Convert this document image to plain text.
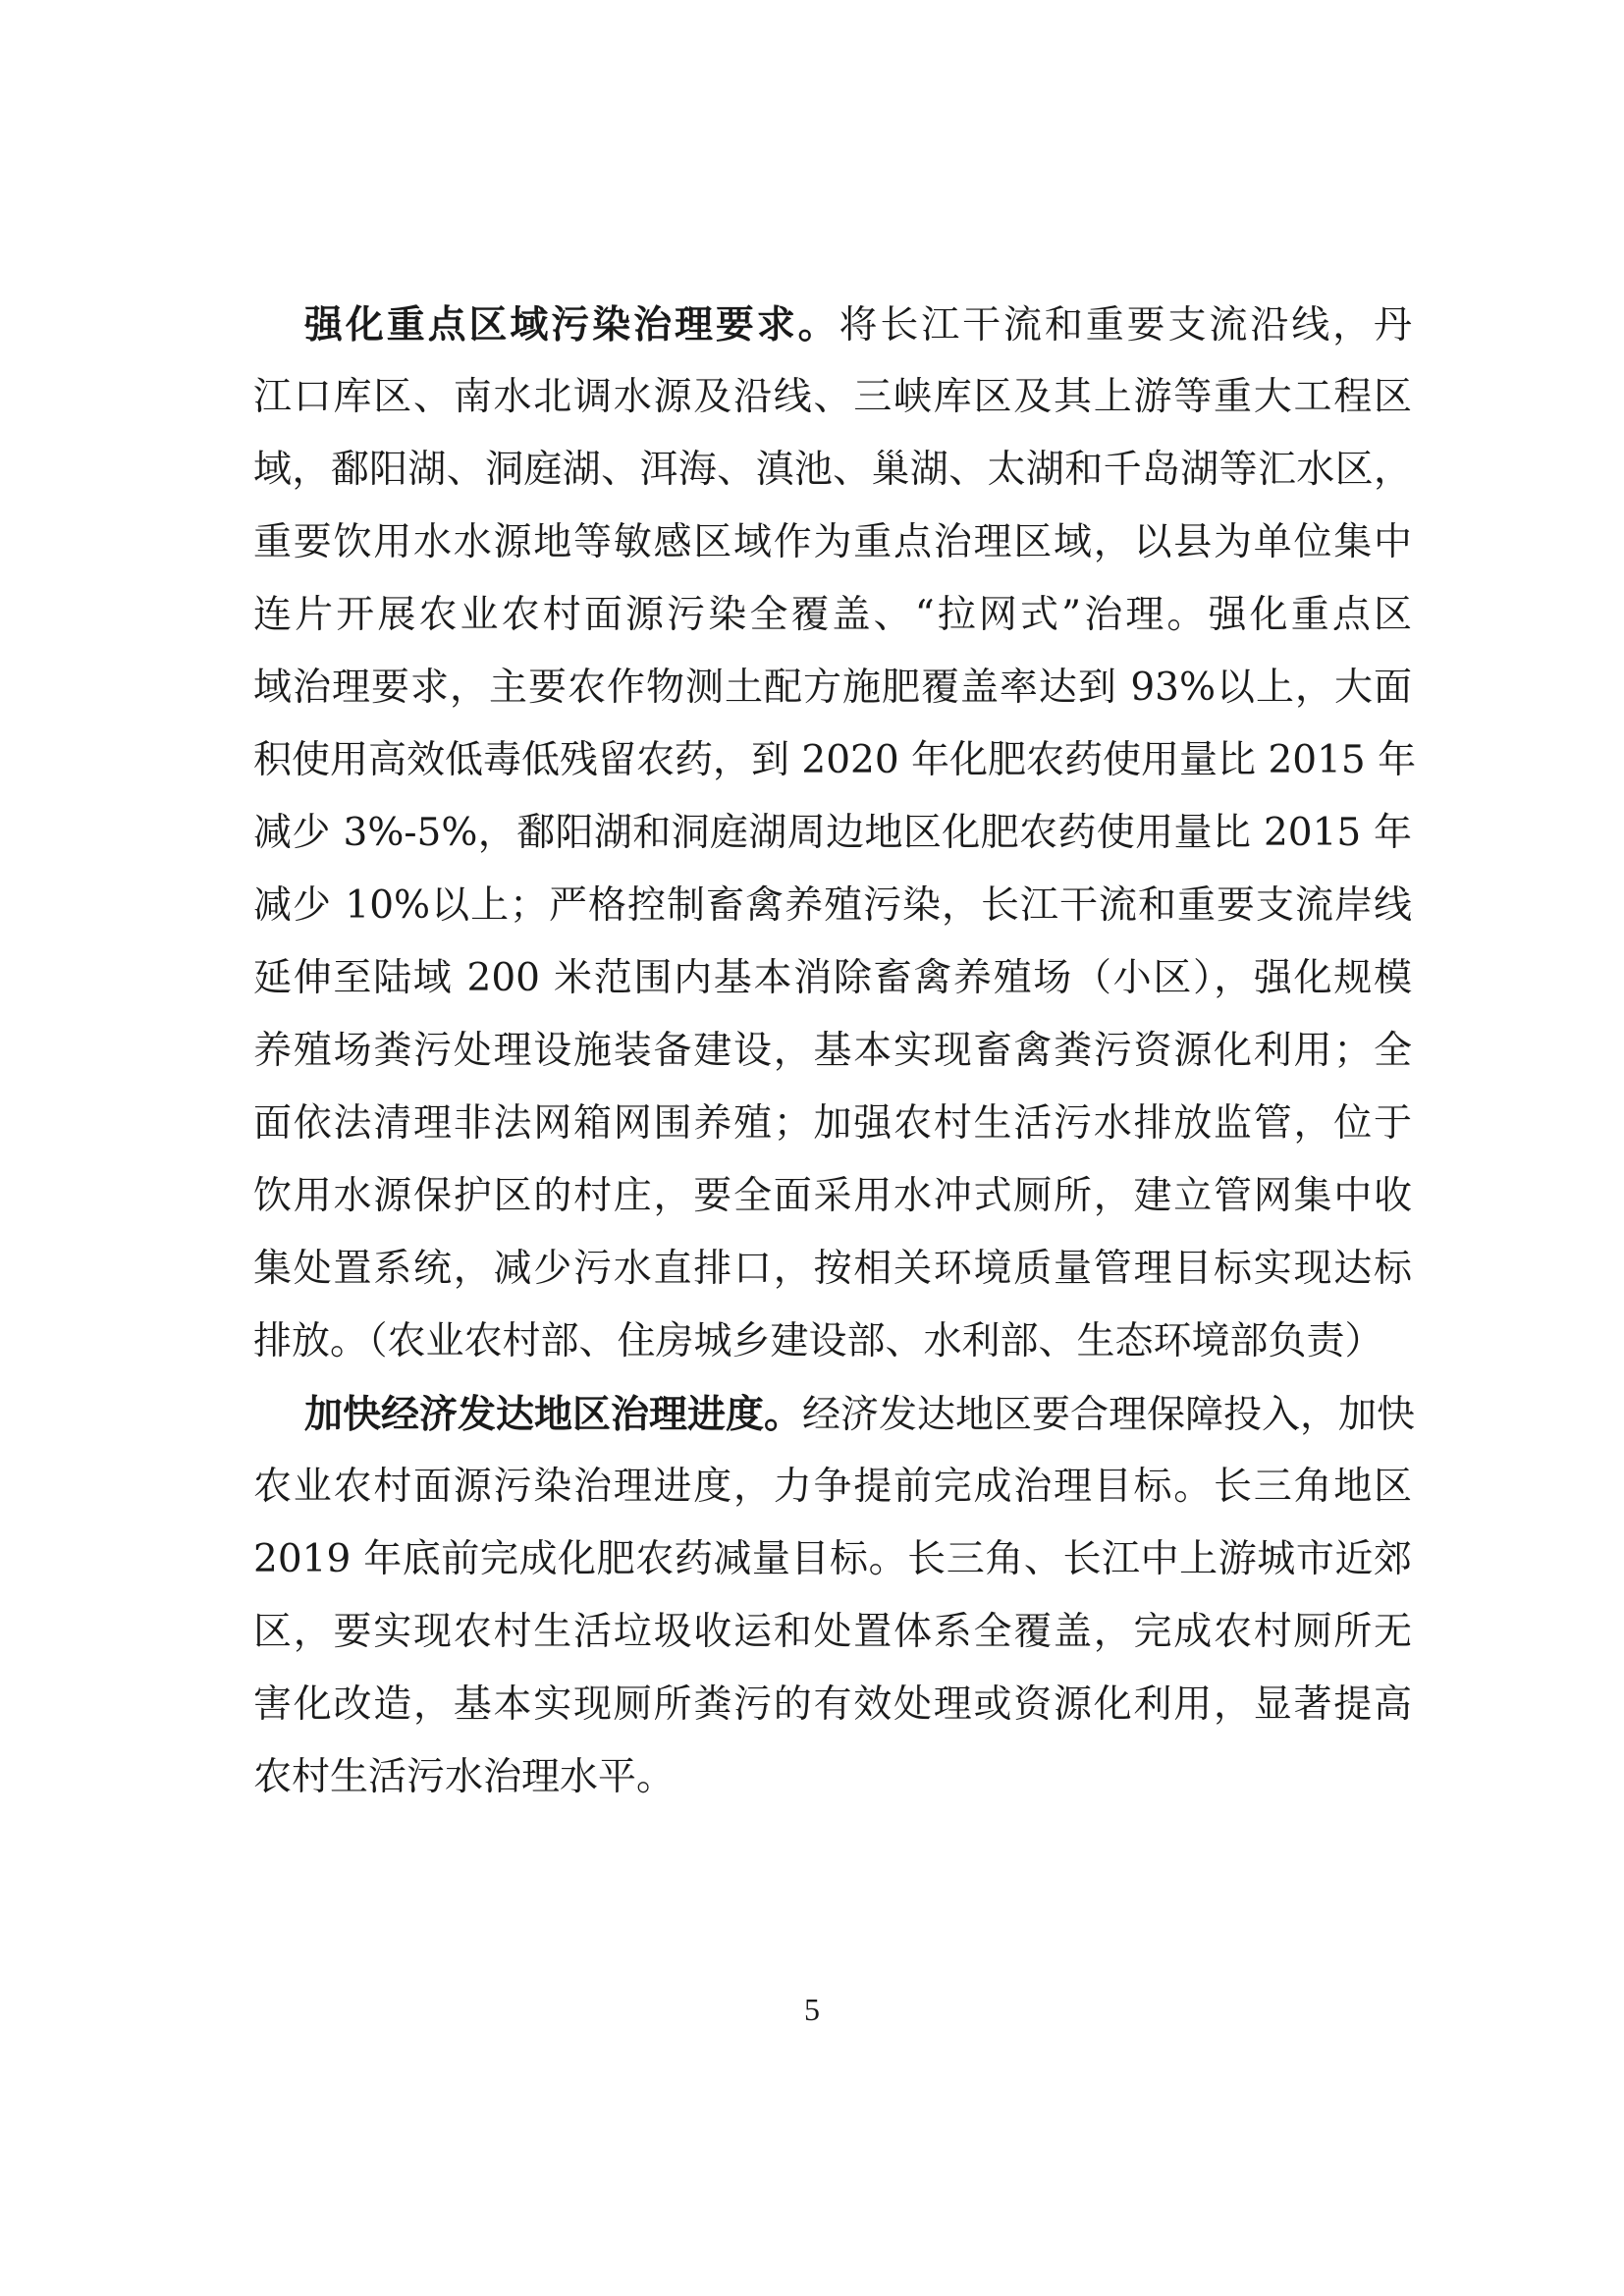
强化重点区域污染治理要求。将长江干流和重要支流沿线，丹
江口库区、南水北调水源及沿线、三峡库区及其上游等重大工程区
域，鄱阳湖、洞庭湖、洱海、滇池、巢湖、太湖和千岛湖等汇水区，
重要饮用水水源地等敏感区域作为重点治理区域，以县为单位集中
连片开展农业农村面源污染全覆盖、“拉网式”治理。强化重点区
域治理要求，主要农作物测土配方施肥覆盖率达到 93%以上，大面
积使用高效低毒低残留农药，到 2020 年化肥农药使用量比 2015 年
减少 3%-5%，鄱阳湖和洞庭湖周边地区化肥农药使用量比 2015 年
减少 10%以上；严格控制畜禽养殖污染，长江干流和重要支流岸线
延伸至陆域 200 米范围内基本消除畜禽养殖场（小区），强化规模
养殖场粪污处理设施装备建设，基本实现畜禽粪污资源化利用；全
面依法清理非法网箱网围养殖；加强农村生活污水排放监管，位于
饮用水源保护区的村庄，要全面采用水冲式厕所，建立管网集中收
集处置系统，减少污水直排口，按相关环境质量管理目标实现达标
排放。（农业农村部、住房城乡建设部、水利部、生态环境部负责）
加快经济发达地区治理进度。经济发达地区要合理保障投入，加快
农业农村面源污染治理进度，力争提前完成治理目标。长三角地区
2019 年底前完成化肥农药减量目标。长三角、长江中上游城市近郊
区，要实现农村生活垃圾收运和处置体系全覆盖，完成农村厕所无
害化改造，基本实现厕所粪污的有效处理或资源化利用，显著提高
农村生活污水治理水平。
5
